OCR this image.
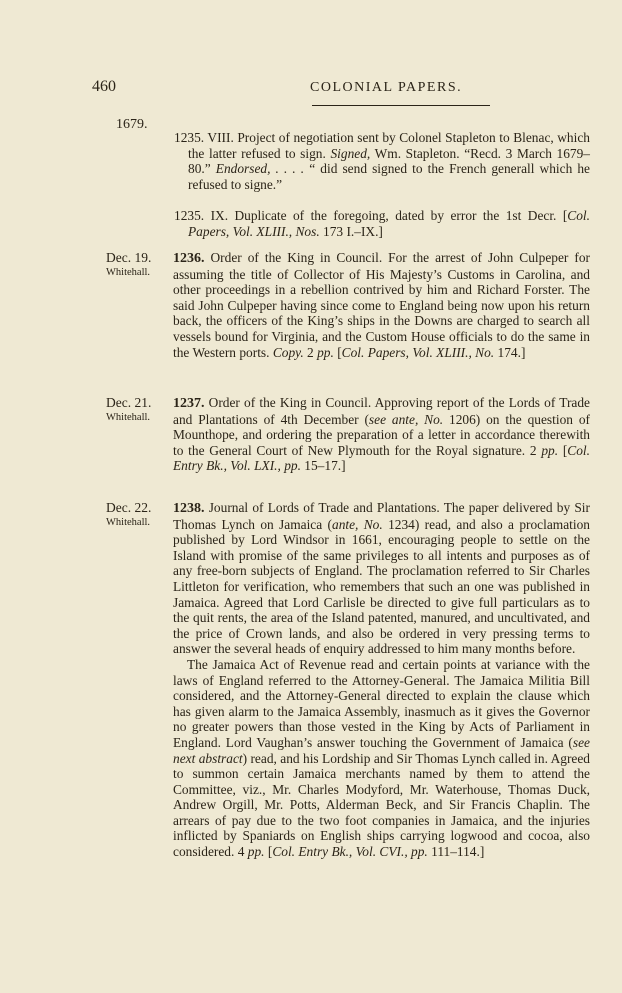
460	COLONIAL PAPERS.
1679.

1235. VIII. Project of negotiation sent by Colonel Stapleton to Blenac, which the latter refused to sign. Signed, Wm. Stapleton. “Recd. 3 March 1679–80.” Endorsed, . . . . “ did send signed to the French generall which he refused to signe.”

1235. IX. Duplicate of the foregoing, dated by error the 1st Decr. [Col. Papers, Vol. XLIII., Nos. 173 I.–IX.]

Dec. 19.
Whitehall.

1236. Order of the King in Council. For the arrest of John Culpeper for assuming the title of Collector of His Majesty’s Customs in Carolina, and other proceedings in a rebellion contrived by him and Richard Forster. The said John Culpeper having since come to England being now upon his return back, the officers of the King’s ships in the Downs are charged to search all vessels bound for Virginia, and the Custom House officials to do the same in the Western ports. Copy. 2 pp. [Col. Papers, Vol. XLIII., No. 174.]

Dec. 21.
Whitehall.

1237. Order of the King in Council. Approving report of the Lords of Trade and Plantations of 4th December (see ante, No. 1206) on the question of Mounthope, and ordering the preparation of a letter in accordance therewith to the General Court of New Plymouth for the Royal signature. 2 pp. [Col. Entry Bk., Vol. LXI., pp. 15–17.]

Dec. 22.
Whitehall.

1238. Journal of Lords of Trade and Plantations. The paper delivered by Sir Thomas Lynch on Jamaica (ante, No. 1234) read, and also a proclamation published by Lord Windsor in 1661, encouraging people to settle on the Island with promise of the same privileges to all intents and purposes as of any free-born subjects of England. The proclamation referred to Sir Charles Littleton for verification, who remembers that such an one was published in Jamaica. Agreed that Lord Carlisle be directed to give full particulars as to the quit rents, the area of the Island patented, manured, and uncultivated, and the price of Crown lands, and also be ordered in very pressing terms to answer the several heads of enquiry addressed to him many months before.

The Jamaica Act of Revenue read and certain points at variance with the laws of England referred to the Attorney-General. The Jamaica Militia Bill considered, and the Attorney-General directed to explain the clause which has given alarm to the Jamaica Assembly, inasmuch as it gives the Governor no greater powers than those vested in the King by Acts of Parliament in England. Lord Vaughan’s answer touching the Government of Jamaica (see next abstract) read, and his Lordship and Sir Thomas Lynch called in. Agreed to summon certain Jamaica merchants named by them to attend the Committee, viz., Mr. Charles Modyford, Mr. Waterhouse, Thomas Duck, Andrew Orgill, Mr. Potts, Alderman Beck, and Sir Francis Chaplin. The arrears of pay due to the two foot companies in Jamaica, and the injuries inflicted by Spaniards on English ships carrying logwood and cocoa, also considered. 4 pp. [Col. Entry Bk., Vol. CVI., pp. 111–114.]
